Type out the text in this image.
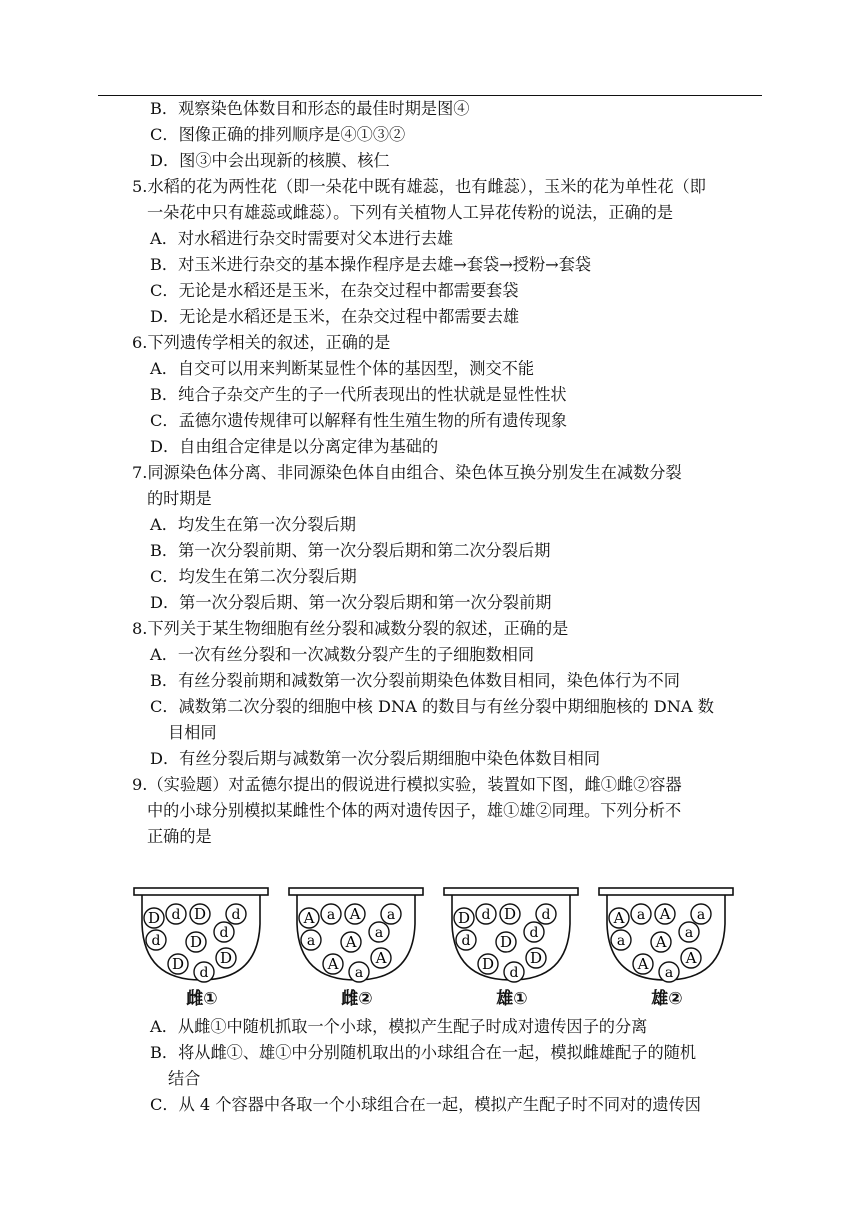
B．观察染色体数目和形态的最佳时期是图④
C．图像正确的排列顺序是④①③②
D．图③中会出现新的核膜、核仁
5.水稻的花为两性花（即一朵花中既有雄蕊，也有雌蕊），玉米的花为单性花（即
一朵花中只有雄蕊或雌蕊）。下列有关植物人工异花传粉的说法，正确的是
A．对水稻进行杂交时需要对父本进行去雄
B．对玉米进行杂交的基本操作程序是去雄→套袋→授粉→套袋
C．无论是水稻还是玉米，在杂交过程中都需要套袋
D．无论是水稻还是玉米，在杂交过程中都需要去雄
6.下列遗传学相关的叙述，正确的是
A．自交可以用来判断某显性个体的基因型，测交不能
B．纯合子杂交产生的子一代所表现出的性状就是显性性状
C．孟德尔遗传规律可以解释有性生殖生物的所有遗传现象
D．自由组合定律是以分离定律为基础的
7.同源染色体分离、非同源染色体自由组合、染色体互换分别发生在减数分裂
的时期是
A．均发生在第一次分裂后期
B．第一次分裂前期、第一次分裂后期和第二次分裂后期
C．均发生在第二次分裂后期
D．第一次分裂后期、第一次分裂后期和第一次分裂前期
8.下列关于某生物细胞有丝分裂和减数分裂的叙述，正确的是
A．一次有丝分裂和一次减数分裂产生的子细胞数相同
B．有丝分裂前期和减数第一次分裂前期染色体数目相同，染色体行为不同
C．减数第二次分裂的细胞中核 DNA 的数目与有丝分裂中期细胞核的 DNA 数
目相同
D．有丝分裂后期与减数第一次分裂后期细胞中染色体数目相同
9.（实验题）对孟德尔提出的假说进行模拟实验，装置如下图，雌①雌②容器
中的小球分别模拟某雌性个体的两对遗传因子，雄①雄②同理。下列分析不
正确的是
A．从雌①中随机抓取一个小球，模拟产生配子时成对遗传因子的分离
B．将从雌①、雄①中分别随机取出的小球组合在一起，模拟雌雄配子的随机
结合
C．从 4 个容器中各取一个小球组合在一起，模拟产生配子时不同对的遗传因
D d D d
d D d
D d
D
雌①
A a A a
a A a
A a
A
雌②
D d D d
d D d
D d
D
雄①
A a A a
a A a
A a
A
雄②
